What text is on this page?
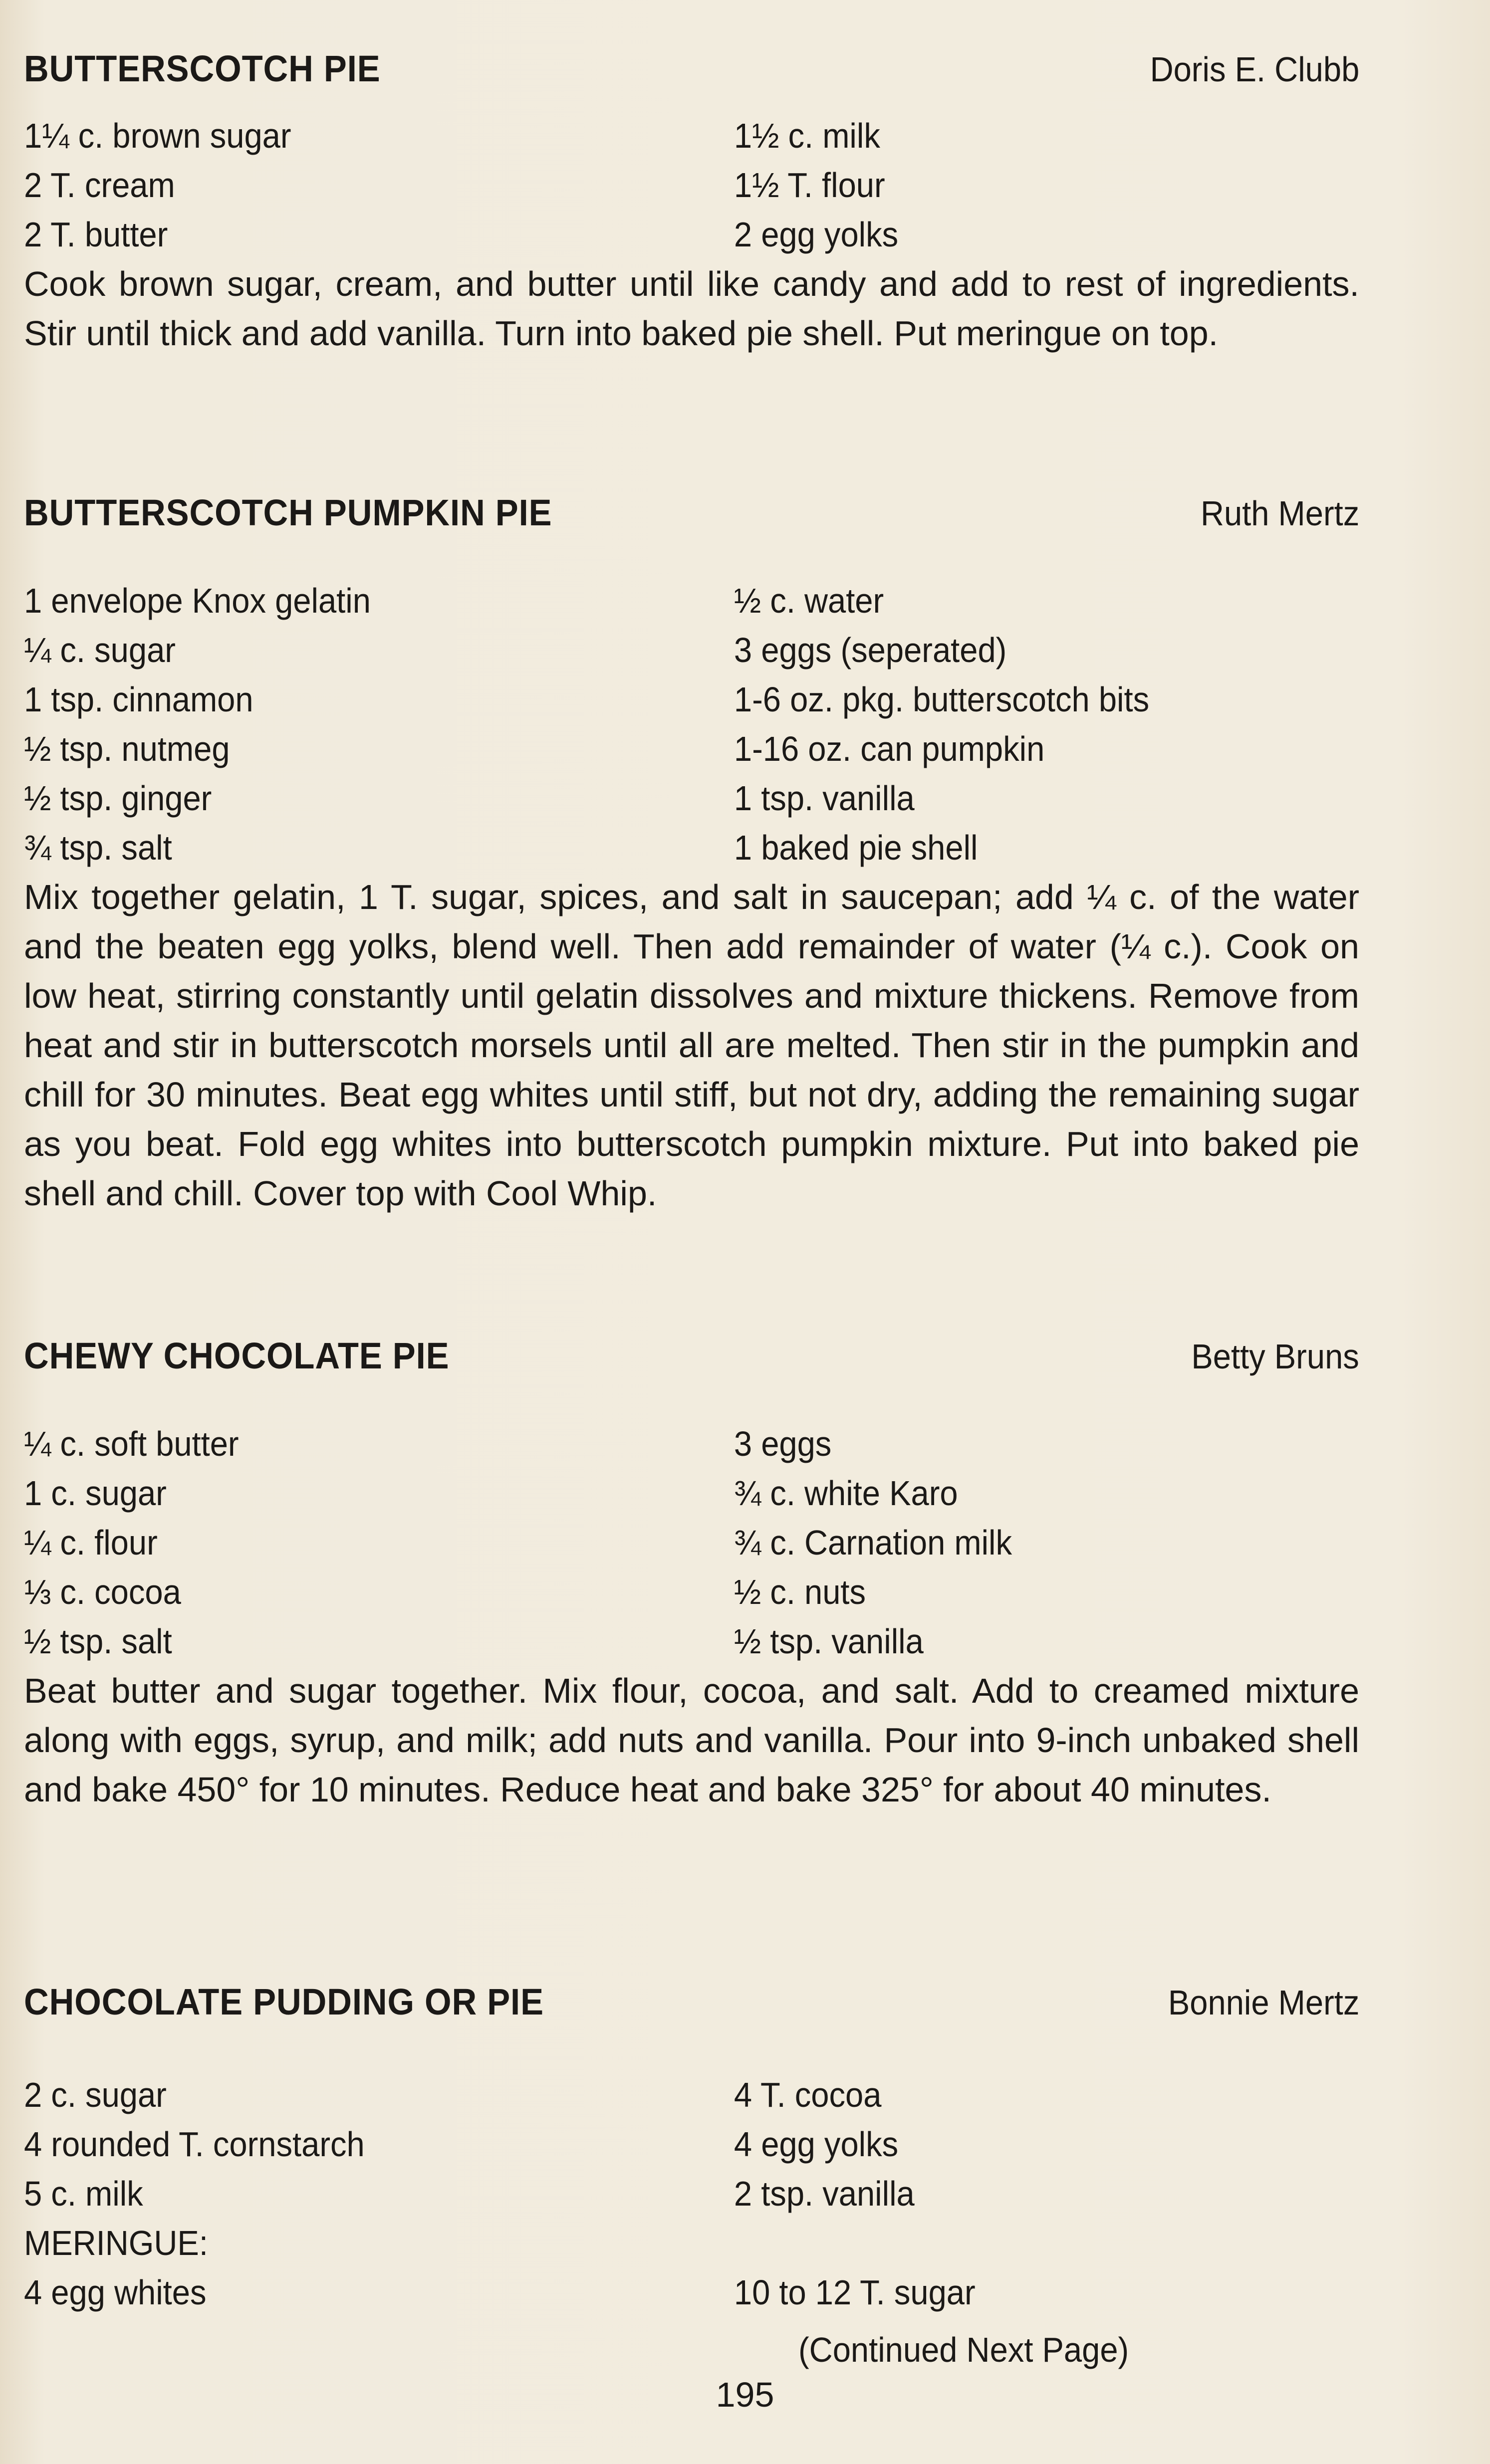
BUTTERSCOTCH PIE	Doris E. Clubb
1¼ c. brown sugar	1½ c. milk
2 T. cream	1½ T. flour
2 T. butter	2 egg yolks
Cook brown sugar, cream, and butter until like candy and add to rest of ingredients. Stir until thick and add vanilla. Turn into baked pie shell. Put meringue on top.
BUTTERSCOTCH PUMPKIN PIE	Ruth Mertz
1 envelope Knox gelatin	½ c. water
¼ c. sugar	3 eggs (seperated)
1 tsp. cinnamon	1-6 oz. pkg. butterscotch bits
½ tsp. nutmeg	1-16 oz. can pumpkin
½ tsp. ginger	1 tsp. vanilla
¾ tsp. salt	1 baked pie shell
Mix together gelatin, 1 T. sugar, spices, and salt in saucepan; add ¼ c. of the water and the beaten egg yolks, blend well. Then add remainder of water (¼ c.). Cook on low heat, stirring constantly until gelatin dissolves and mixture thickens. Remove from heat and stir in butterscotch morsels until all are melted. Then stir in the pumpkin and chill for 30 minutes. Beat egg whites until stiff, but not dry, adding the remaining sugar as you beat. Fold egg whites into butterscotch pumpkin mixture. Put into baked pie shell and chill. Cover top with Cool Whip.
CHEWY CHOCOLATE PIE	Betty Bruns
¼ c. soft butter	3 eggs
1 c. sugar	¾ c. white Karo
¼ c. flour	¾ c. Carnation milk
⅓ c. cocoa	½ c. nuts
½ tsp. salt	½ tsp. vanilla
Beat butter and sugar together. Mix flour, cocoa, and salt. Add to creamed mixture along with eggs, syrup, and milk; add nuts and vanilla. Pour into 9-inch unbaked shell and bake 450° for 10 minutes. Reduce heat and bake 325° for about 40 minutes.
CHOCOLATE PUDDING OR PIE	Bonnie Mertz
2 c. sugar	4 T. cocoa
4 rounded T. cornstarch	4 egg yolks
5 c. milk	2 tsp. vanilla
MERINGUE:
4 egg whites	10 to 12 T. sugar
(Continued Next Page)
195
